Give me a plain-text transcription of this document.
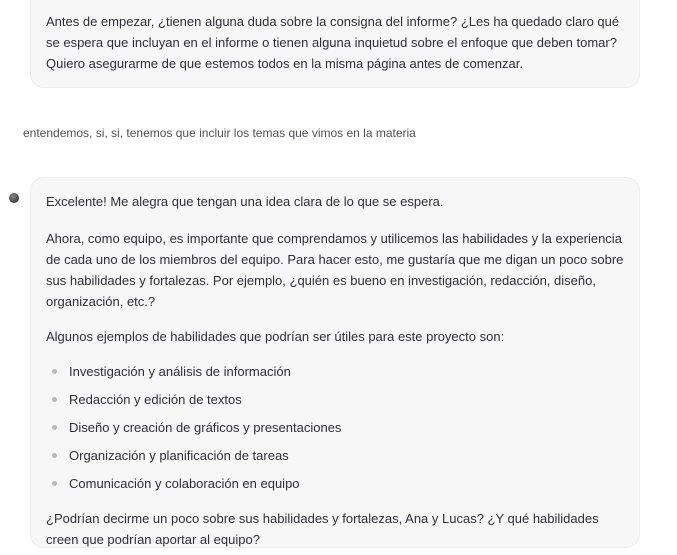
Antes de empezar, ¿tienen alguna duda sobre la consigna del informe? ¿Les ha quedado claro qué se espera que incluyan en el informe o tienen alguna inquietud sobre el enfoque que deben tomar? Quiero asegurarme de que estemos todos en la misma página antes de comenzar.

entendemos, si, si, tenemos que incluir los temas que vimos en la materia

Excelente! Me alegra que tengan una idea clara de lo que se espera.

Ahora, como equipo, es importante que comprendamos y utilicemos las habilidades y la experiencia de cada uno de los miembros del equipo. Para hacer esto, me gustaría que me digan un poco sobre sus habilidades y fortalezas. Por ejemplo, ¿quién es bueno en investigación, redacción, diseño, organización, etc.?

Algunos ejemplos de habilidades que podrían ser útiles para este proyecto son:

Investigación y análisis de información
Redacción y edición de textos
Diseño y creación de gráficos y presentaciones
Organización y planificación de tareas
Comunicación y colaboración en equipo

¿Podrían decirme un poco sobre sus habilidades y fortalezas, Ana y Lucas? ¿Y qué habilidades creen que podrían aportar al equipo?
